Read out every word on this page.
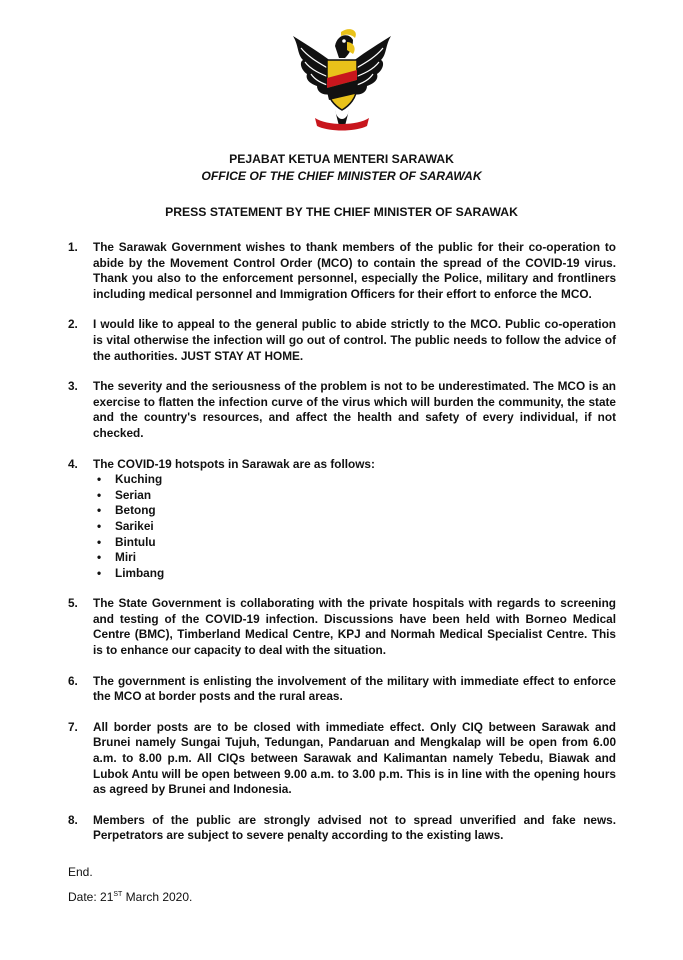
PEJABAT KETUA MENTERI SARAWAK
OFFICE OF THE CHIEF MINISTER OF SARAWAK
PRESS STATEMENT BY THE CHIEF MINISTER OF SARAWAK
1. The Sarawak Government wishes to thank members of the public for their co-operation to abide by the Movement Control Order (MCO) to contain the spread of the COVID-19 virus. Thank you also to the enforcement personnel, especially the Police, military and frontliners including medical personnel and Immigration Officers for their effort to enforce the MCO.
2. I would like to appeal to the general public to abide strictly to the MCO. Public co-operation is vital otherwise the infection will go out of control. The public needs to follow the advice of the authorities. JUST STAY AT HOME.
3. The severity and the seriousness of the problem is not to be underestimated. The MCO is an exercise to flatten the infection curve of the virus which will burden the community, the state and the country's resources, and affect the health and safety of every individual, if not checked.
4. The COVID-19 hotspots in Sarawak are as follows:
• Kuching
• Serian
• Betong
• Sarikei
• Bintulu
• Miri
• Limbang
5. The State Government is collaborating with the private hospitals with regards to screening and testing of the COVID-19 infection. Discussions have been held with Borneo Medical Centre (BMC), Timberland Medical Centre, KPJ and Normah Medical Specialist Centre. This is to enhance our capacity to deal with the situation.
6. The government is enlisting the involvement of the military with immediate effect to enforce the MCO at border posts and the rural areas.
7. All border posts are to be closed with immediate effect. Only CIQ between Sarawak and Brunei namely Sungai Tujuh, Tedungan, Pandaruan and Mengkalap will be open from 6.00 a.m. to 8.00 p.m. All CIQs between Sarawak and Kalimantan namely Tebedu, Biawak and Lubok Antu will be open between 9.00 a.m. to 3.00 p.m. This is in line with the opening hours as agreed by Brunei and Indonesia.
8. Members of the public are strongly advised not to spread unverified and fake news. Perpetrators are subject to severe penalty according to the existing laws.
End.
Date: 21ST March 2020.
